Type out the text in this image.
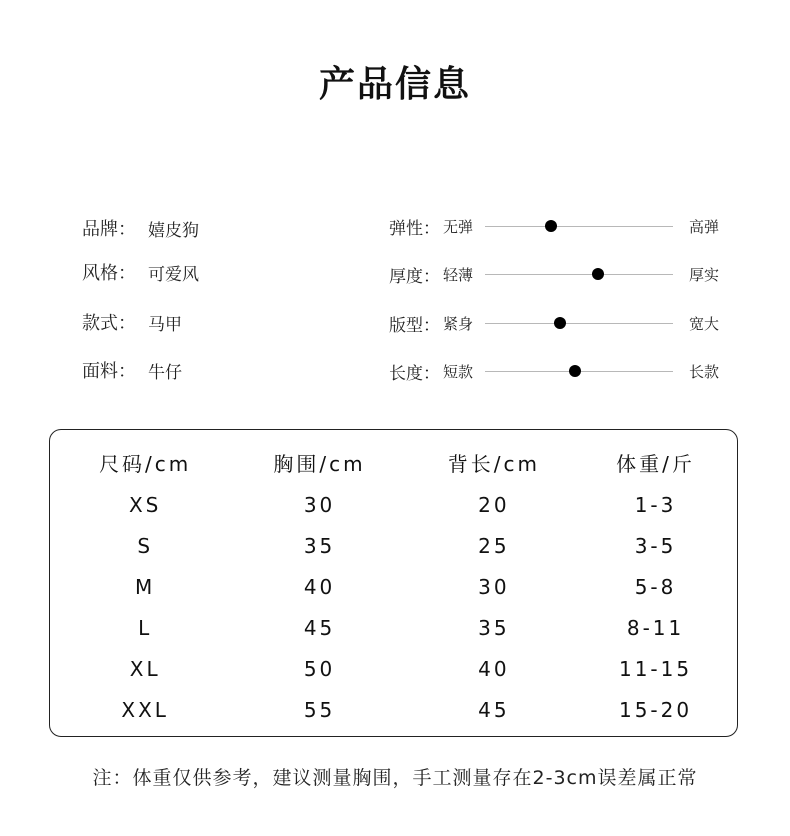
产品信息
品牌： 嬉皮狗
风格： 可爱风
款式： 马甲
面料： 牛仔
弹性： 无弹	高弹
厚度： 轻薄	厚实
版型： 紧身	宽大
长度： 短款	长款
尺码/cm	胸围/cm	背长/cm	体重/斤
XS	30	20	1-3
S	35	25	3-5
M	40	30	5-8
L	45	35	8-11
XL	50	40	11-15
XXL	55	45	15-20
注：体重仅供参考，建议测量胸围，手工测量存在2-3cm误差属正常
